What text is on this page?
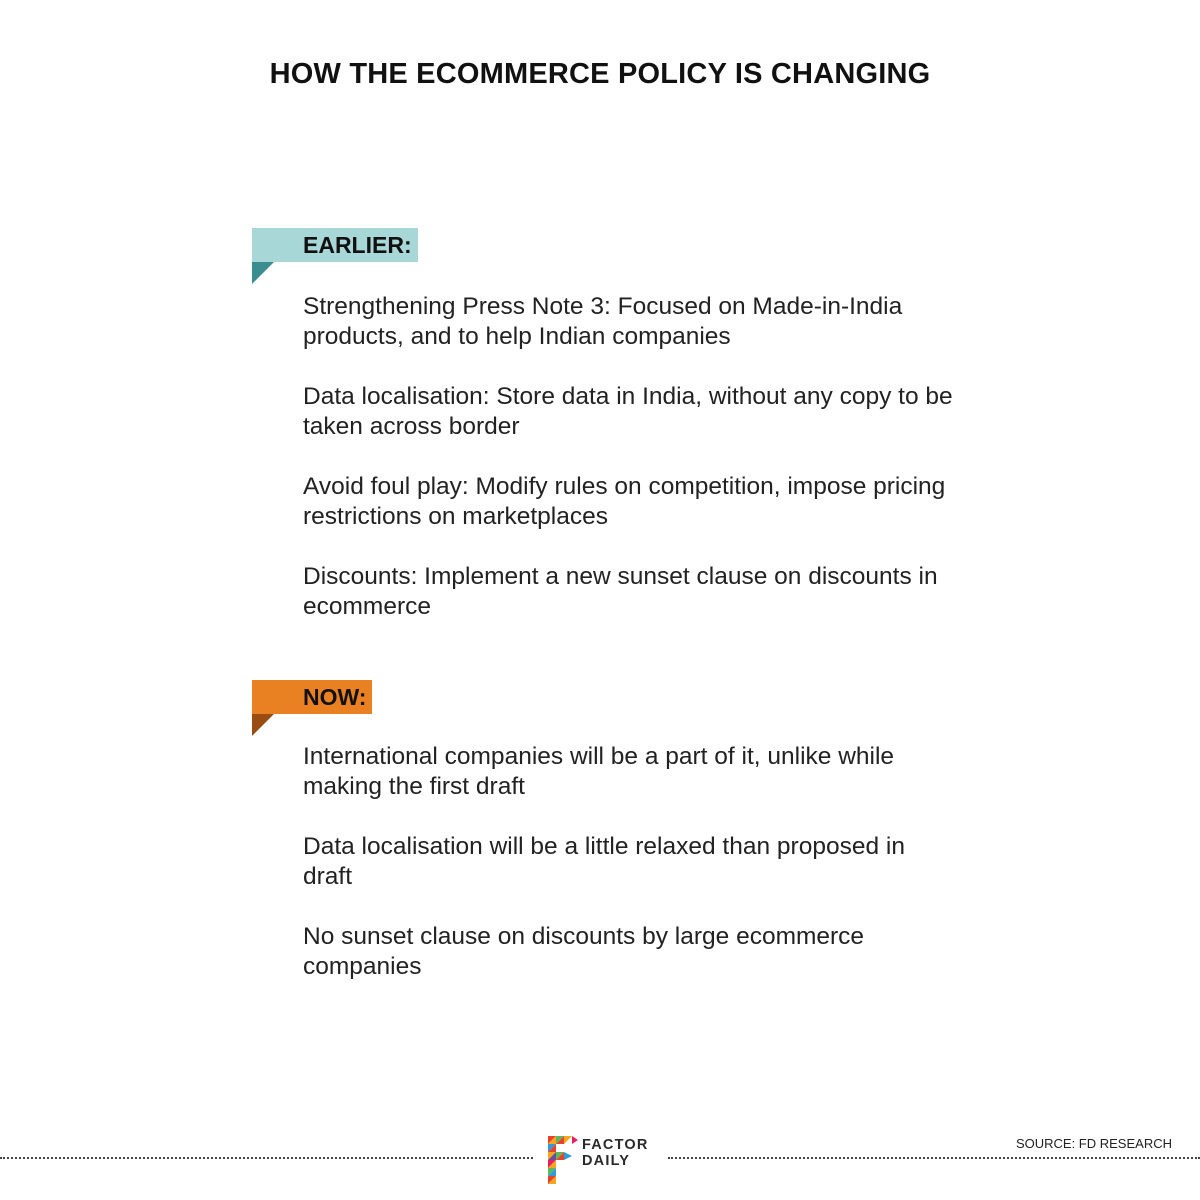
HOW THE ECOMMERCE POLICY IS CHANGING
EARLIER:
Strengthening Press Note 3: Focused on Made-in-India products, and to help Indian companies
Data localisation: Store data in India, without any copy to be taken across border
Avoid foul play: Modify rules on competition, impose pricing restrictions on marketplaces
Discounts: Implement a new sunset clause on discounts in ecommerce
NOW:
International companies will be a part of it, unlike while making the first draft
Data localisation will be a little relaxed than proposed in draft
No sunset clause on discounts by large ecommerce companies
FACTOR
DAILY
SOURCE: FD RESEARCH
